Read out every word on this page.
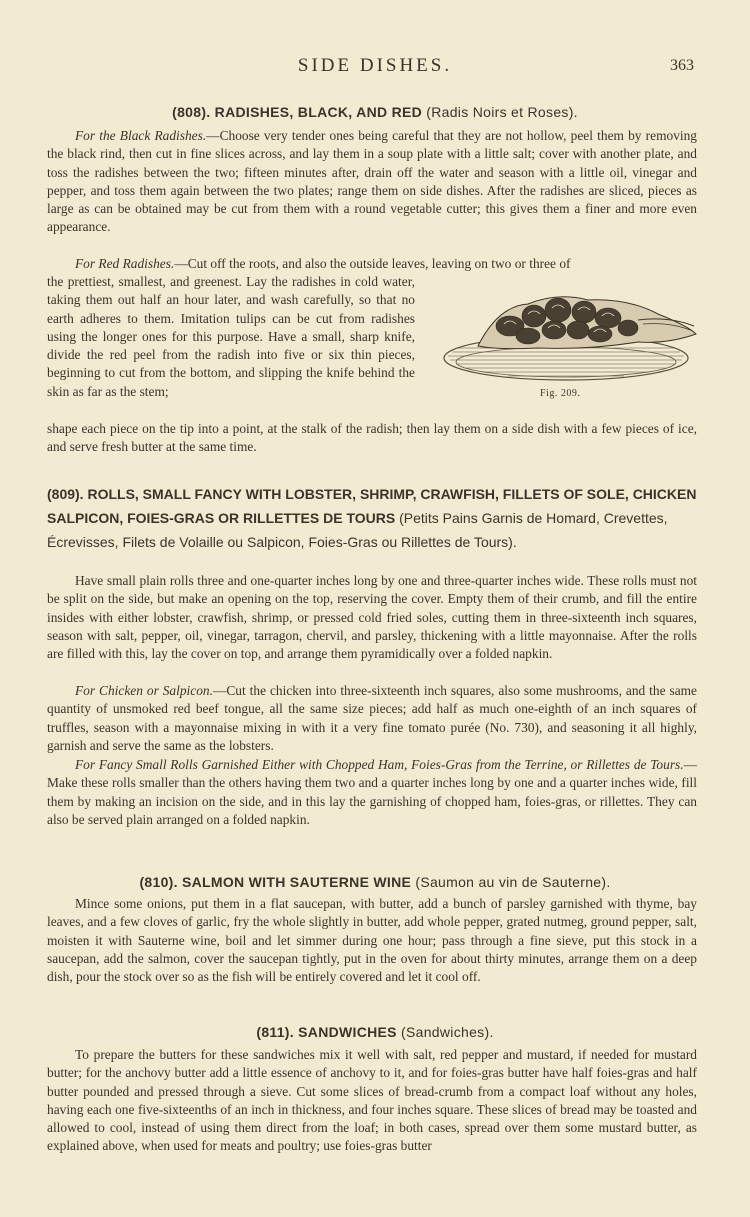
SIDE DISHES.	363
(808). RADISHES, BLACK, AND RED (Radis Noirs et Roses).
For the Black Radishes.—Choose very tender ones being careful that they are not hollow, peel them by removing the black rind, then cut in fine slices across, and lay them in a soup plate with a little salt; cover with another plate, and toss the radishes between the two; fifteen minutes after, drain off the water and season with a little oil, vinegar and pepper, and toss them again between the two plates; range them on side dishes. After the radishes are sliced, pieces as large as can be obtained may be cut from them with a round vegetable cutter; this gives them a finer and more even appearance.
For Red Radishes.—Cut off the roots, and also the outside leaves, leaving on two or three of
the prettiest, smallest, and greenest. Lay the radishes in cold water, taking them out half an hour later, and wash carefully, so that no earth adheres to them. Imitation tulips can be cut from radishes using the longer ones for this purpose. Have a small, sharp knife, divide the red peel from the radish into five or six thin pieces, beginning to cut from the bottom, and slipping the knife behind the skin as far as the stem;	Fig. 209.
shape each piece on the tip into a point, at the stalk of the radish; then lay them on a side dish with a few pieces of ice, and serve fresh butter at the same time.
(809). ROLLS, SMALL FANCY WITH LOBSTER, SHRIMP, CRAWFISH, FILLETS OF SOLE, CHICKEN SALPICON, FOIES-GRAS OR RILLETTES DE TOURS (Petits Pains Garnis de Homard, Crevettes, Écrevisses, Filets de Volaille ou Salpicon, Foies-Gras ou Rillettes de Tours).
Have small plain rolls three and one-quarter inches long by one and three-quarter inches wide. These rolls must not be split on the side, but make an opening on the top, reserving the cover. Empty them of their crumb, and fill the entire insides with either lobster, crawfish, shrimp, or pressed cold fried soles, cutting them in three-sixteenth inch squares, season with salt, pepper, oil, vinegar, tarragon, chervil, and parsley, thickening with a little mayonnaise. After the rolls are filled with this, lay the cover on top, and arrange them pyramidically over a folded napkin.
For Chicken or Salpicon.—Cut the chicken into three-sixteenth inch squares, also some mushrooms, and the same quantity of unsmoked red beef tongue, all the same size pieces; add half as much one-eighth of an inch squares of truffles, season with a mayonnaise mixing in with it a very fine tomato purée (No. 730), and seasoning it all highly, garnish and serve the same as the lobsters.
For Fancy Small Rolls Garnished Either with Chopped Ham, Foies-Gras from the Terrine, or Rillettes de Tours.—Make these rolls smaller than the others having them two and a quarter inches long by one and a quarter inches wide, fill them by making an incision on the side, and in this lay the garnishing of chopped ham, foies-gras, or rillettes. They can also be served plain arranged on a folded napkin.
(810). SALMON WITH SAUTERNE WINE (Saumon au vin de Sauterne).
Mince some onions, put them in a flat saucepan, with butter, add a bunch of parsley garnished with thyme, bay leaves, and a few cloves of garlic, fry the whole slightly in butter, add whole pepper, grated nutmeg, ground pepper, salt, moisten it with Sauterne wine, boil and let simmer during one hour; pass through a fine sieve, put this stock in a saucepan, add the salmon, cover the saucepan tightly, put in the oven for about thirty minutes, arrange them on a deep dish, pour the stock over so as the fish will be entirely covered and let it cool off.
(811). SANDWICHES (Sandwiches).
To prepare the butters for these sandwiches mix it well with salt, red pepper and mustard, if needed for mustard butter; for the anchovy butter add a little essence of anchovy to it, and for foies-gras butter have half foies-gras and half butter pounded and pressed through a sieve. Cut some slices of bread-crumb from a compact loaf without any holes, having each one five-sixteenths of an inch in thickness, and four inches square. These slices of bread may be toasted and allowed to cool, instead of using them direct from the loaf; in both cases, spread over them some mustard butter, as explained above, when used for meats and poultry; use foies-gras butter
